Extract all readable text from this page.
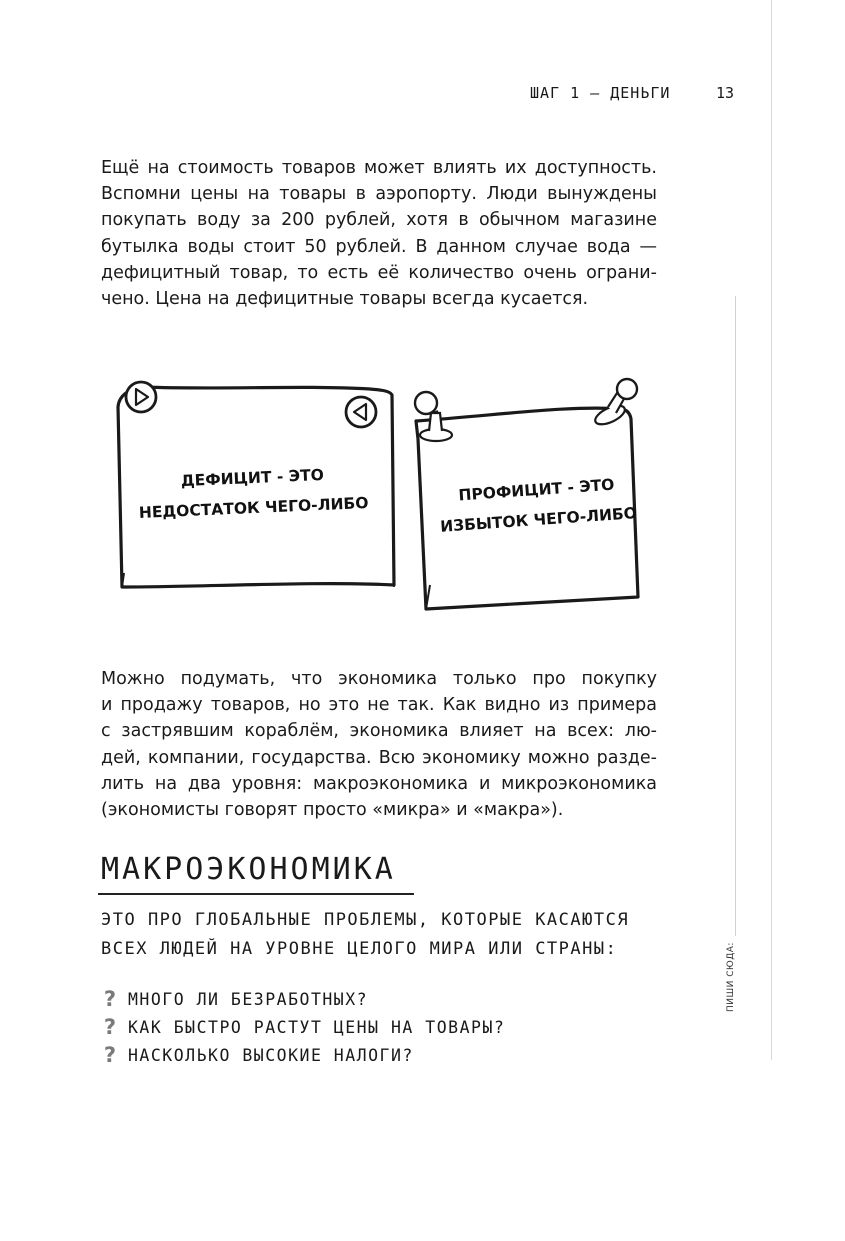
ШАГ 1 — ДЕНЬГИ	13
Ещё на стоимость товаров может влиять их доступность.
Вспомни цены на товары в аэропорту. Люди вынуждены
покупать воду за 200 рублей, хотя в обычном магазине
бутылка воды стоит 50 рублей. В данном случае вода —
дефицитный товар, то есть её количество очень ограни-
чено. Цена на дефицитные товары всегда кусается.
ДЕФИЦИТ - ЭТО
НЕДОСТАТОК ЧЕГО-ЛИБО
ПРОФИЦИТ - ЭТО
ИЗБЫТОК ЧЕГО-ЛИБО
Можно подумать, что экономика только про покупку
и продажу товаров, но это не так. Как видно из примера
с застрявшим кораблём, экономика влияет на всех: лю-
дей, компании, государства. Всю экономику можно разде-
лить на два уровня: макроэкономика и микроэкономика
(экономисты говорят просто «микра» и «макра»).
МАКРОЭКОНОМИКА
ЭТО ПРО ГЛОБАЛЬНЫЕ ПРОБЛЕМЫ, КОТОРЫЕ КАСАЮТСЯ
ВСЕХ ЛЮДЕЙ НА УРОВНЕ ЦЕЛОГО МИРА ИЛИ СТРАНЫ:
? МНОГО ЛИ БЕЗРАБОТНЫХ?
? КАК БЫСТРО РАСТУТ ЦЕНЫ НА ТОВАРЫ?
? НАСКОЛЬКО ВЫСОКИЕ НАЛОГИ?
ПИШИ СЮДА:
